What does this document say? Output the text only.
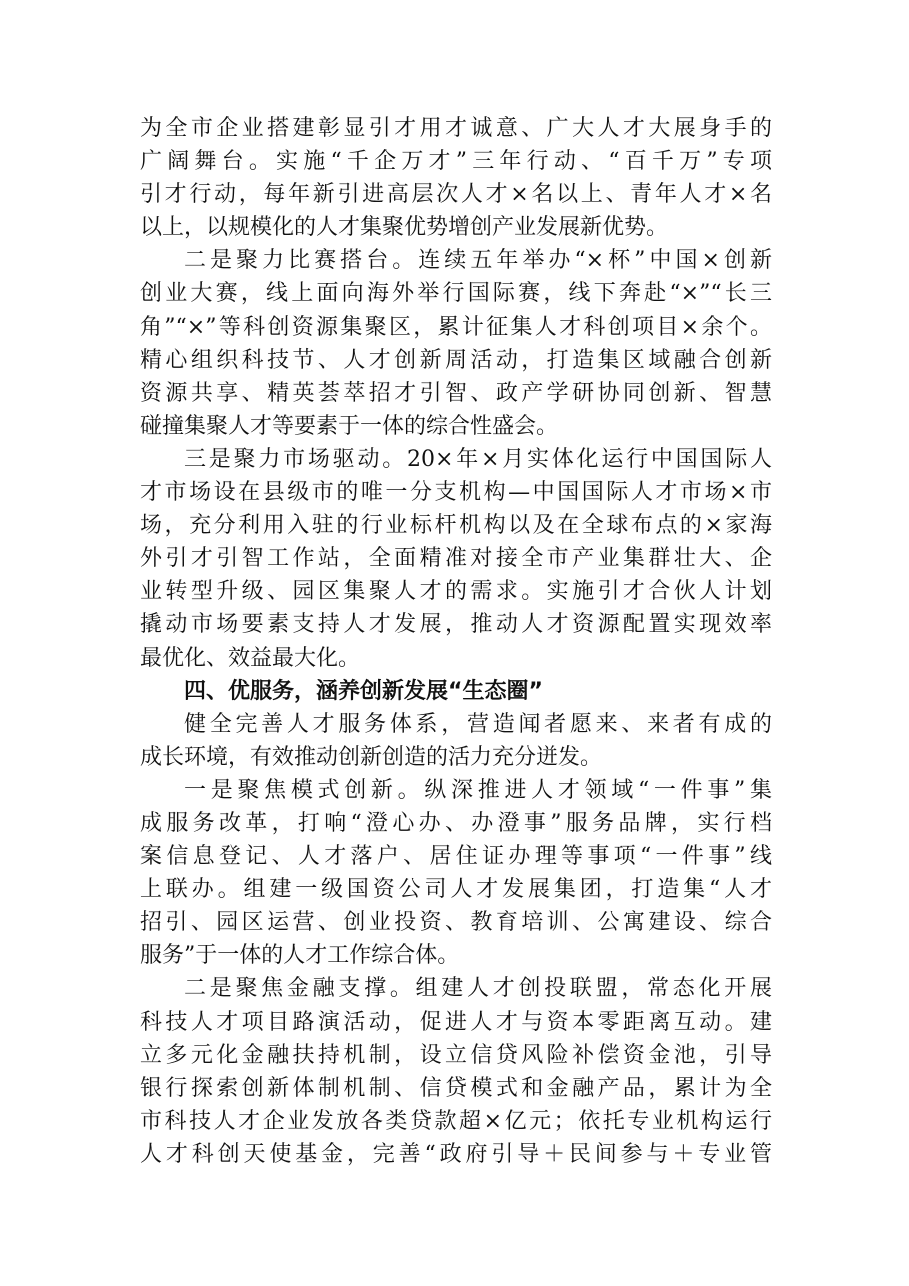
为全市企业搭建彰显引才用才诚意、广大人才大展身手的
广阔舞台。实施“千企万才”三年行动、“百千万”专项
引才行动，每年新引进高层次人才×名以上、青年人才×名
以上，以规模化的人才集聚优势增创产业发展新优势。
二是聚力比赛搭台。连续五年举办“×杯”中国×创新
创业大赛，线上面向海外举行国际赛，线下奔赴“×”“长三
角”“×”等科创资源集聚区，累计征集人才科创项目×余个。
精心组织科技节、人才创新周活动，打造集区域融合创新
资源共享、精英荟萃招才引智、政产学研协同创新、智慧
碰撞集聚人才等要素于一体的综合性盛会。
三是聚力市场驱动。20×年×月实体化运行中国国际人
才市场设在县级市的唯一分支机构—中国国际人才市场×市
场，充分利用入驻的行业标杆机构以及在全球布点的×家海
外引才引智工作站，全面精准对接全市产业集群壮大、企
业转型升级、园区集聚人才的需求。实施引才合伙人计划
撬动市场要素支持人才发展，推动人才资源配置实现效率
最优化、效益最大化。
四、优服务，涵养创新发展“生态圈”
健全完善人才服务体系，营造闻者愿来、来者有成的
成长环境，有效推动创新创造的活力充分迸发。
一是聚焦模式创新。纵深推进人才领域“一件事”集
成服务改革，打响“澄心办、办澄事”服务品牌，实行档
案信息登记、人才落户、居住证办理等事项“一件事”线
上联办。组建一级国资公司人才发展集团，打造集“人才
招引、园区运营、创业投资、教育培训、公寓建设、综合
服务”于一体的人才工作综合体。
二是聚焦金融支撑。组建人才创投联盟，常态化开展
科技人才项目路演活动，促进人才与资本零距离互动。建
立多元化金融扶持机制，设立信贷风险补偿资金池，引导
银行探索创新体制机制、信贷模式和金融产品，累计为全
市科技人才企业发放各类贷款超×亿元；依托专业机构运行
人才科创天使基金，完善“政府引导＋民间参与＋专业管
